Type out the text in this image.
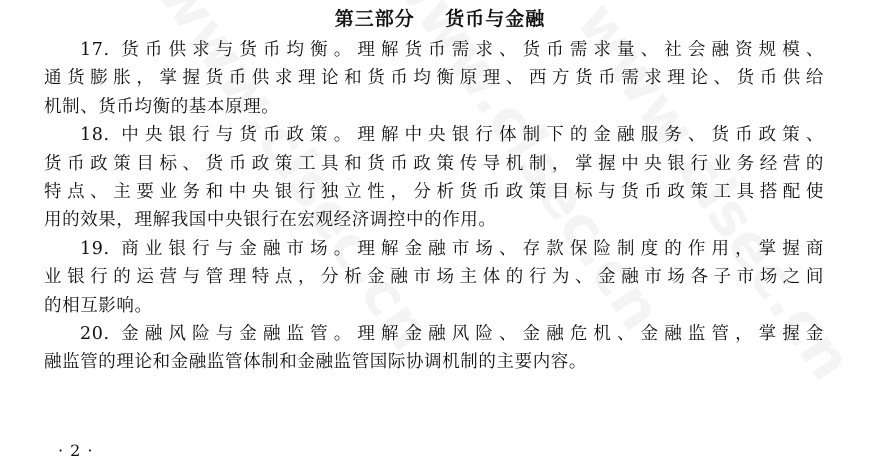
第三部分    货币与金融
17. 货币供求与货币均衡。理解货币需求、货币需求量、社会融资规模、
通货膨胀，掌握货币供求理论和货币均衡原理、西方货币需求理论、货币供给
机制、货币均衡的基本原理。
18. 中央银行与货币政策。理解中央银行体制下的金融服务、货币政策、
货币政策目标、货币政策工具和货币政策传导机制，掌握中央银行业务经营的
特点、主要业务和中央银行独立性，分析货币政策目标与货币政策工具搭配使
用的效果，理解我国中央银行在宏观经济调控中的作用。
19. 商业银行与金融市场。理解金融市场、存款保险制度的作用，掌握商
业银行的运营与管理特点，分析金融市场主体的行为、金融市场各子市场之间
的相互影响。
20. 金融风险与金融监管。理解金融风险、金融危机、金融监管，掌握金
融监管的理论和金融监管体制和金融监管国际协调机制的主要内容。
· 2 ·
